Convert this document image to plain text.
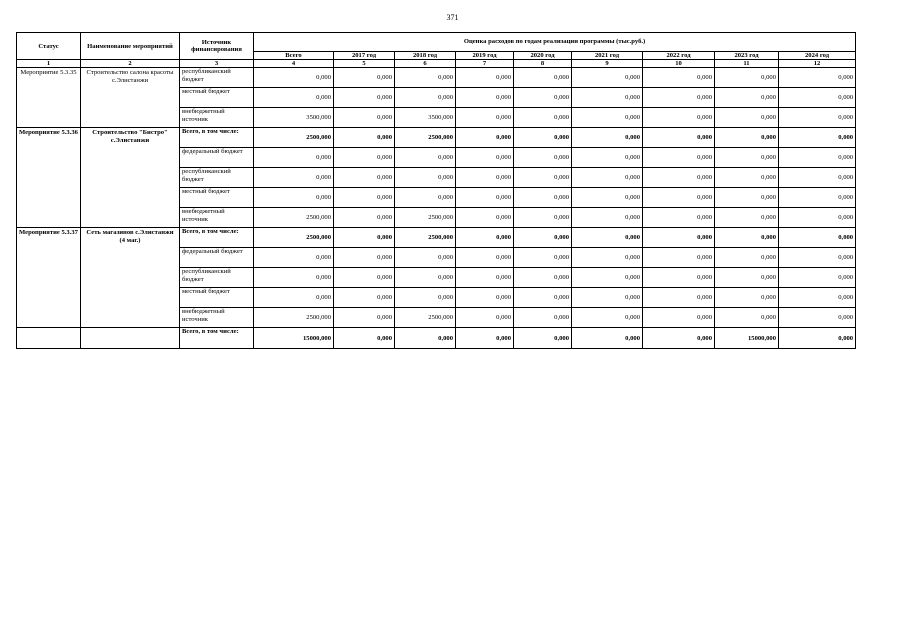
371
Статус	Наименование мероприятий	Источник финансирования	Оценка расходов по годам реализации программы (тыс.руб.)								
			Всего	2017 год	2018 год	2019 год	2020 год	2021 год	2022 год	2023 год	2024 год
1	2	3	4	5	6	7	8	9	10	11	12
Мероприятие 5.3.35	Строительство салона красоты с.Элистанжи	республиканский бюджет	0,000	0,000	0,000	0,000	0,000	0,000	0,000	0,000	0,000
		местный бюджет	0,000	0,000	0,000	0,000	0,000	0,000	0,000	0,000	0,000
		внебюджетный источник	3500,000	0,000	3500,000	0,000	0,000	0,000	0,000	0,000	0,000
Мероприятие 5.3.36	Строительство "Бистро" с.Элистанжи	Всего, в том числе:	2500,000	0,000	2500,000	0,000	0,000	0,000	0,000	0,000	0,000
		федеральный бюджет	0,000	0,000	0,000	0,000	0,000	0,000	0,000	0,000	0,000
		республиканский бюджет	0,000	0,000	0,000	0,000	0,000	0,000	0,000	0,000	0,000
		местный бюджет	0,000	0,000	0,000	0,000	0,000	0,000	0,000	0,000	0,000
		внебюджетный источник	2500,000	0,000	2500,000	0,000	0,000	0,000	0,000	0,000	0,000
Мероприятие 5.3.37	Сеть магазинов с.Элистанжи (4 маг.)	Всего, в том числе:	2500,000	0,000	2500,000	0,000	0,000	0,000	0,000	0,000	0,000
		федеральный бюджет	0,000	0,000	0,000	0,000	0,000	0,000	0,000	0,000	0,000
		республиканский бюджет	0,000	0,000	0,000	0,000	0,000	0,000	0,000	0,000	0,000
		местный бюджет	0,000	0,000	0,000	0,000	0,000	0,000	0,000	0,000	0,000
		внебюджетный источник	2500,000	0,000	2500,000	0,000	0,000	0,000	0,000	0,000	0,000
		Всего, в том числе:	15000,000	0,000	0,000	0,000	0,000	0,000	0,000	15000,000	0,000
